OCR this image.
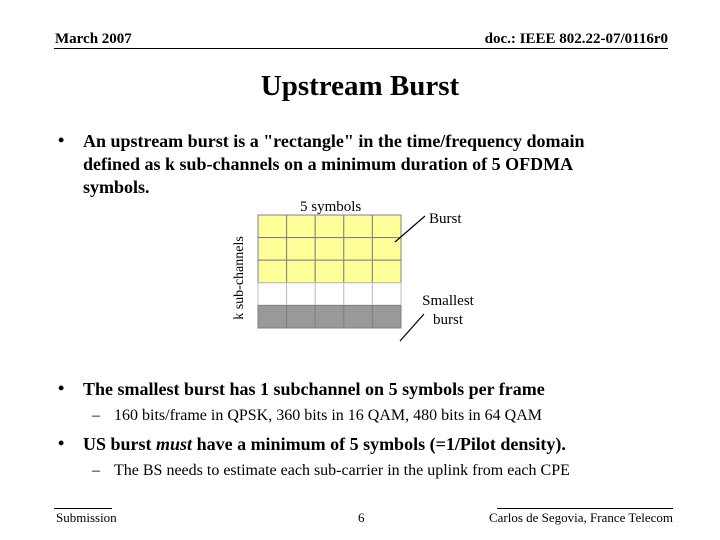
March 2007	doc.: IEEE 802.22-07/0116r0
Upstream Burst
• An upstream burst is a "rectangle" in the time/frequency domain
defined as k sub-channels on a minimum duration of 5 OFDMA
symbols.
5 symbols
Burst
Smallest
burst
k sub-channels
• The smallest burst has 1 subchannel on 5 symbols per frame
– 160 bits/frame in QPSK, 360 bits in 16 QAM, 480 bits in 64 QAM
• US burst must have a minimum of 5 symbols (=1/Pilot density).
– The BS needs to estimate each sub-carrier in the uplink from each CPE
Submission	6	Carlos de Segovia, France Telecom
